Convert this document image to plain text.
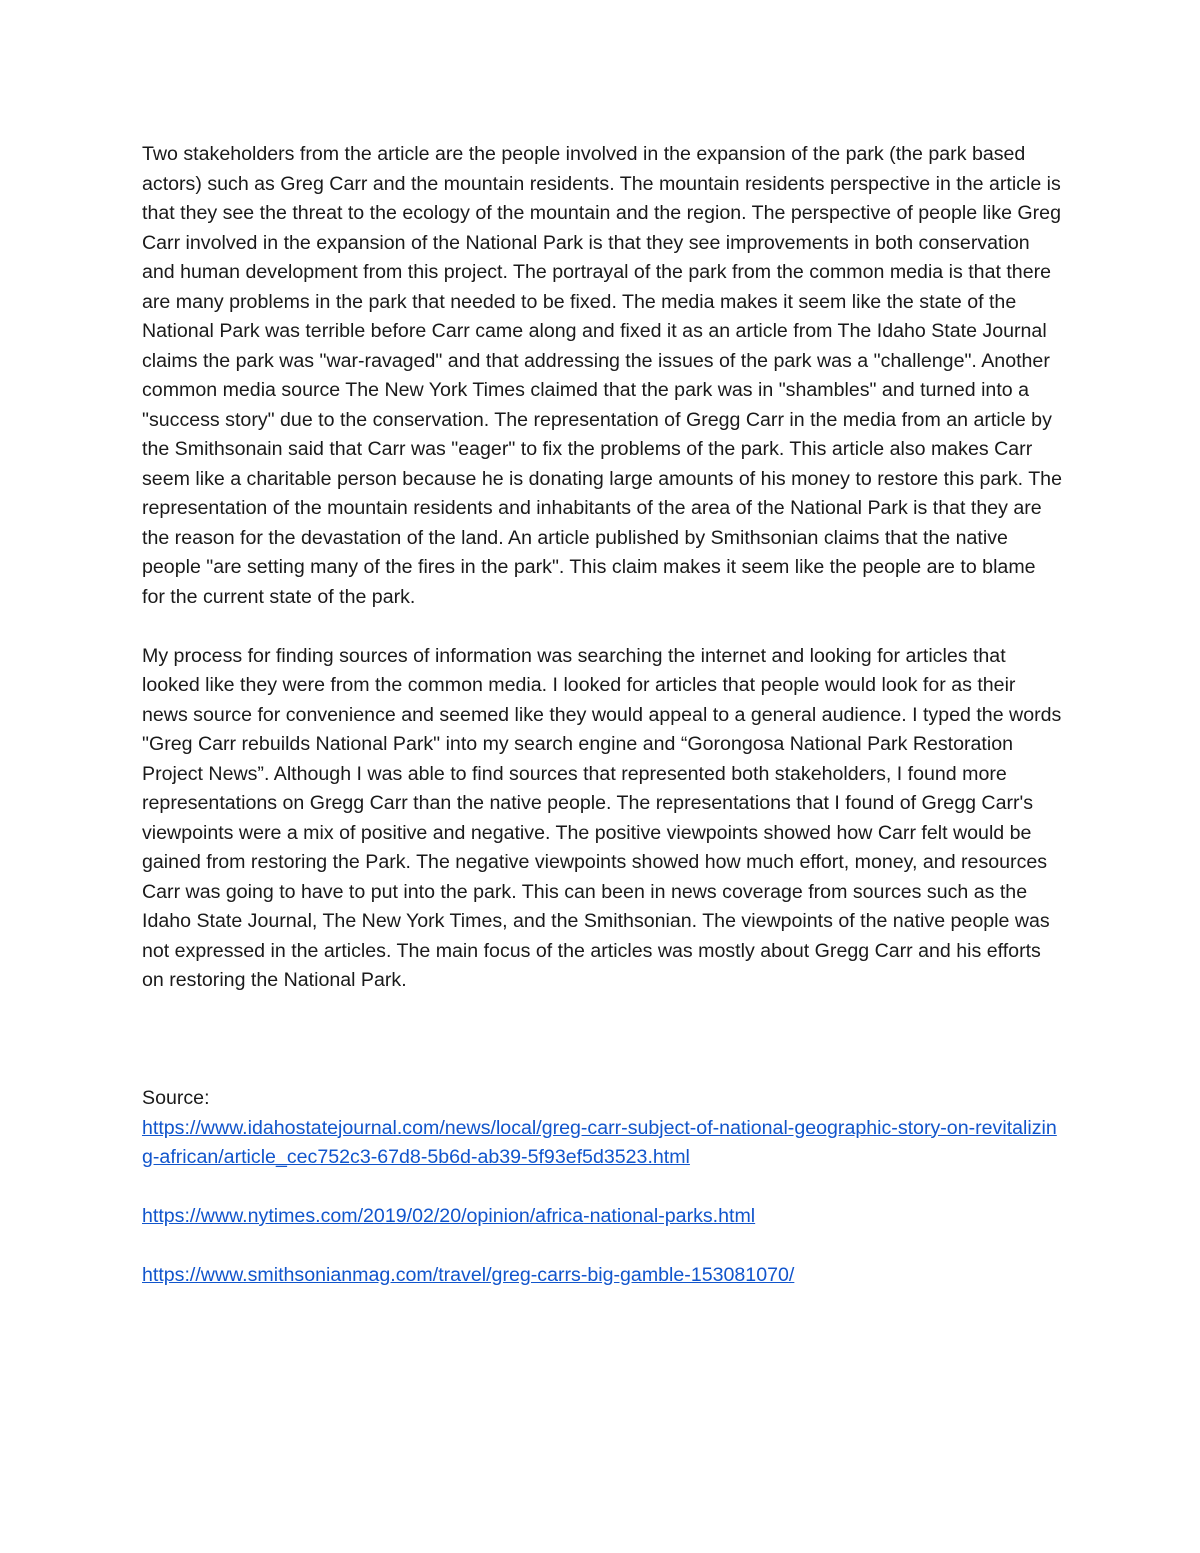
Two stakeholders from the article are the people involved in the expansion of the park (the park based actors) such as Greg Carr and the mountain residents. The mountain residents perspective in the article is that they see the threat to the ecology of the mountain and the region. The perspective of people like Greg Carr involved in the expansion of the National Park is that they see improvements in both conservation and human development from this project. The portrayal of the park from the common media is that there are many problems in the park that needed to be fixed. The media makes it seem like the state of the National Park was terrible before Carr came along and fixed it as an article from The Idaho State Journal claims the park was "war-ravaged" and that addressing the issues of the park was a "challenge". Another common media source The New York Times claimed that the park was in "shambles" and turned into a "success story" due to the conservation. The representation of Gregg Carr in the media from an article by the Smithsonain said that Carr was "eager" to fix the problems of the park. This article also makes Carr seem like a charitable person because he is donating large amounts of his money to restore this park. The representation of the mountain residents and inhabitants of the area of the National Park is that they are the reason for the devastation of the land. An article published by Smithsonian claims that the native people "are setting many of the fires in the park". This claim makes it seem like the people are to blame for the current state of the park.

My process for finding sources of information was searching the internet and looking for articles that looked like they were from the common media. I looked for articles that people would look for as their news source for convenience and seemed like they would appeal to a general audience. I typed the words "Greg Carr rebuilds National Park" into my search engine and “Gorongosa National Park Restoration Project News”. Although I was able to find sources that represented both stakeholders, I found more representations on Gregg Carr than the native people. The representations that I found of Gregg Carr's viewpoints were a mix of positive and negative. The positive viewpoints showed how Carr felt would be gained from restoring the Park. The negative viewpoints showed how much effort, money, and resources Carr was going to have to put into the park. This can been in news coverage from sources such as the Idaho State Journal, The New York Times, and the Smithsonian. The viewpoints of the native people was not expressed in the articles. The main focus of the articles was mostly about Gregg Carr and his efforts on restoring the National Park.

Source:

https://www.idahostatejournal.com/news/local/greg-carr-subject-of-national-geographic-story-on-revitalizing-african/article_cec752c3-67d8-5b6d-ab39-5f93ef5d3523.html
https://www.nytimes.com/2019/02/20/opinion/africa-national-parks.html
https://www.smithsonianmag.com/travel/greg-carrs-big-gamble-153081070/
